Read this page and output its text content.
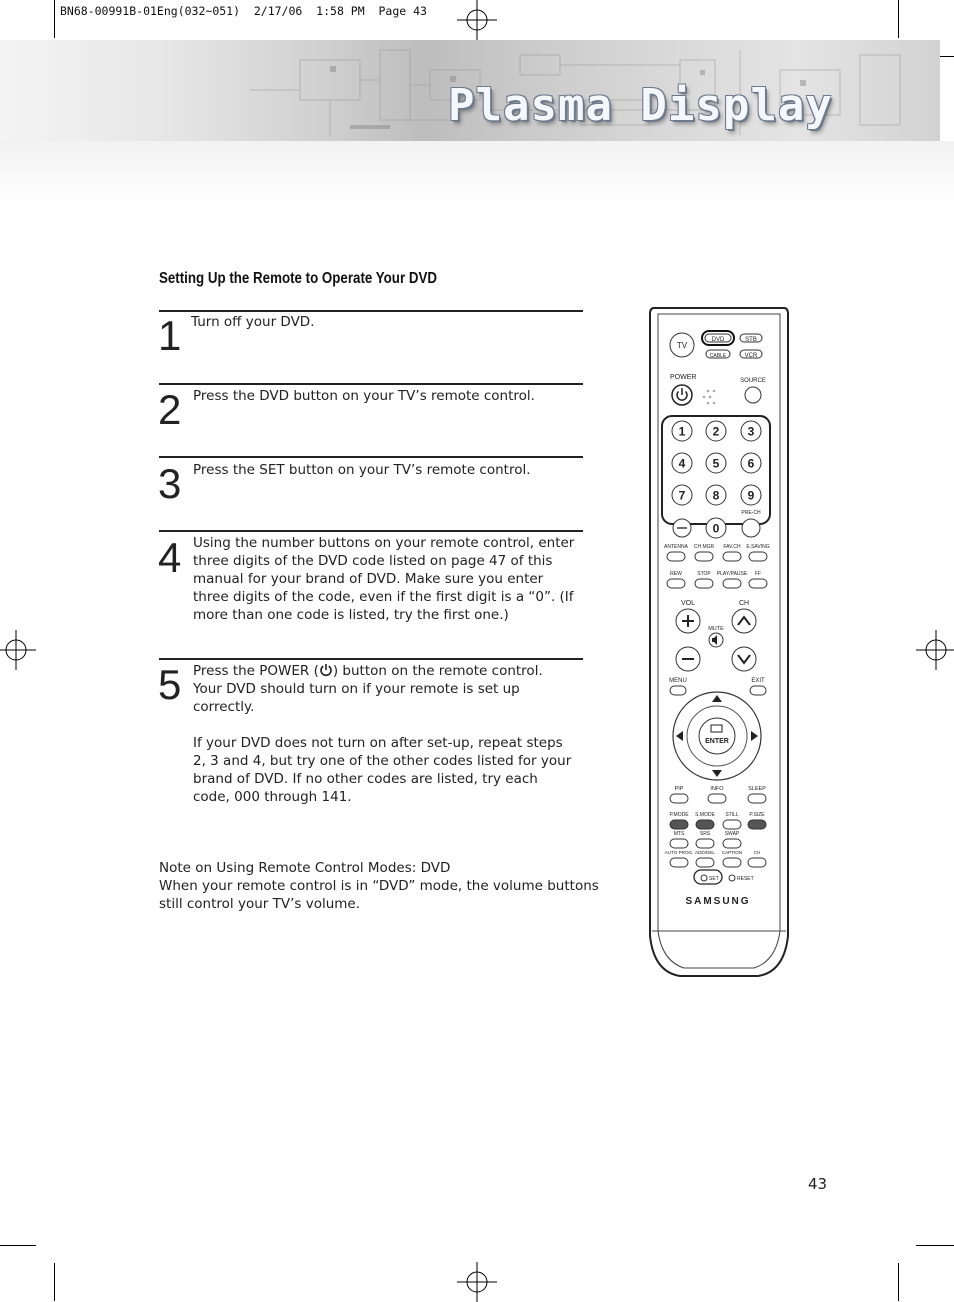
BN68-00991B-01Eng(032~051)  2/17/06  1:58 PM  Page 43
Plasma Display
Setting Up the Remote to Operate Your DVD
1 Turn off your DVD.

2 Press the DVD button on your TV’s remote control.

3 Press the SET button on your TV’s remote control.

4 Using the number buttons on your remote control, enter three digits of the DVD code listed on page 47 of this manual for your brand of DVD. Make sure you enter three digits of the code, even if the first digit is a “0”. (If more than one code is listed, try the first one.)

5 Press the POWER ( ) button on the remote control.

Your DVD should turn on if your remote is set up correctly.

If your DVD does not turn on after set-up, repeat steps 2, 3 and 4, but try one of the other codes listed for your brand of DVD. If no other codes are listed, try each code, 000 through 141.

Note on Using Remote Control Modes: DVD

When your remote control is in “DVD” mode, the volume buttons still control your TV’s volume.

TV
DVD	STB
CABLE	VCR
POWER	SOURCE
1 2 3
4 5 6
7 8 9
0
PRE-CH
ANTENNA CH MGR FAV.CH E.SAVING
REW	STOP PLAY/PAUSE FF
VOL	CH
MUTE
MENU	EXIT
ENTER
PIP	INFO	SLEEP
P.MODE S.MODE STILL P.SIZE
MTS	SRS	SWAP
AUTO PROG. ADD/DEL CAPTION CH
SET	RESET
SAMSUNG
43
